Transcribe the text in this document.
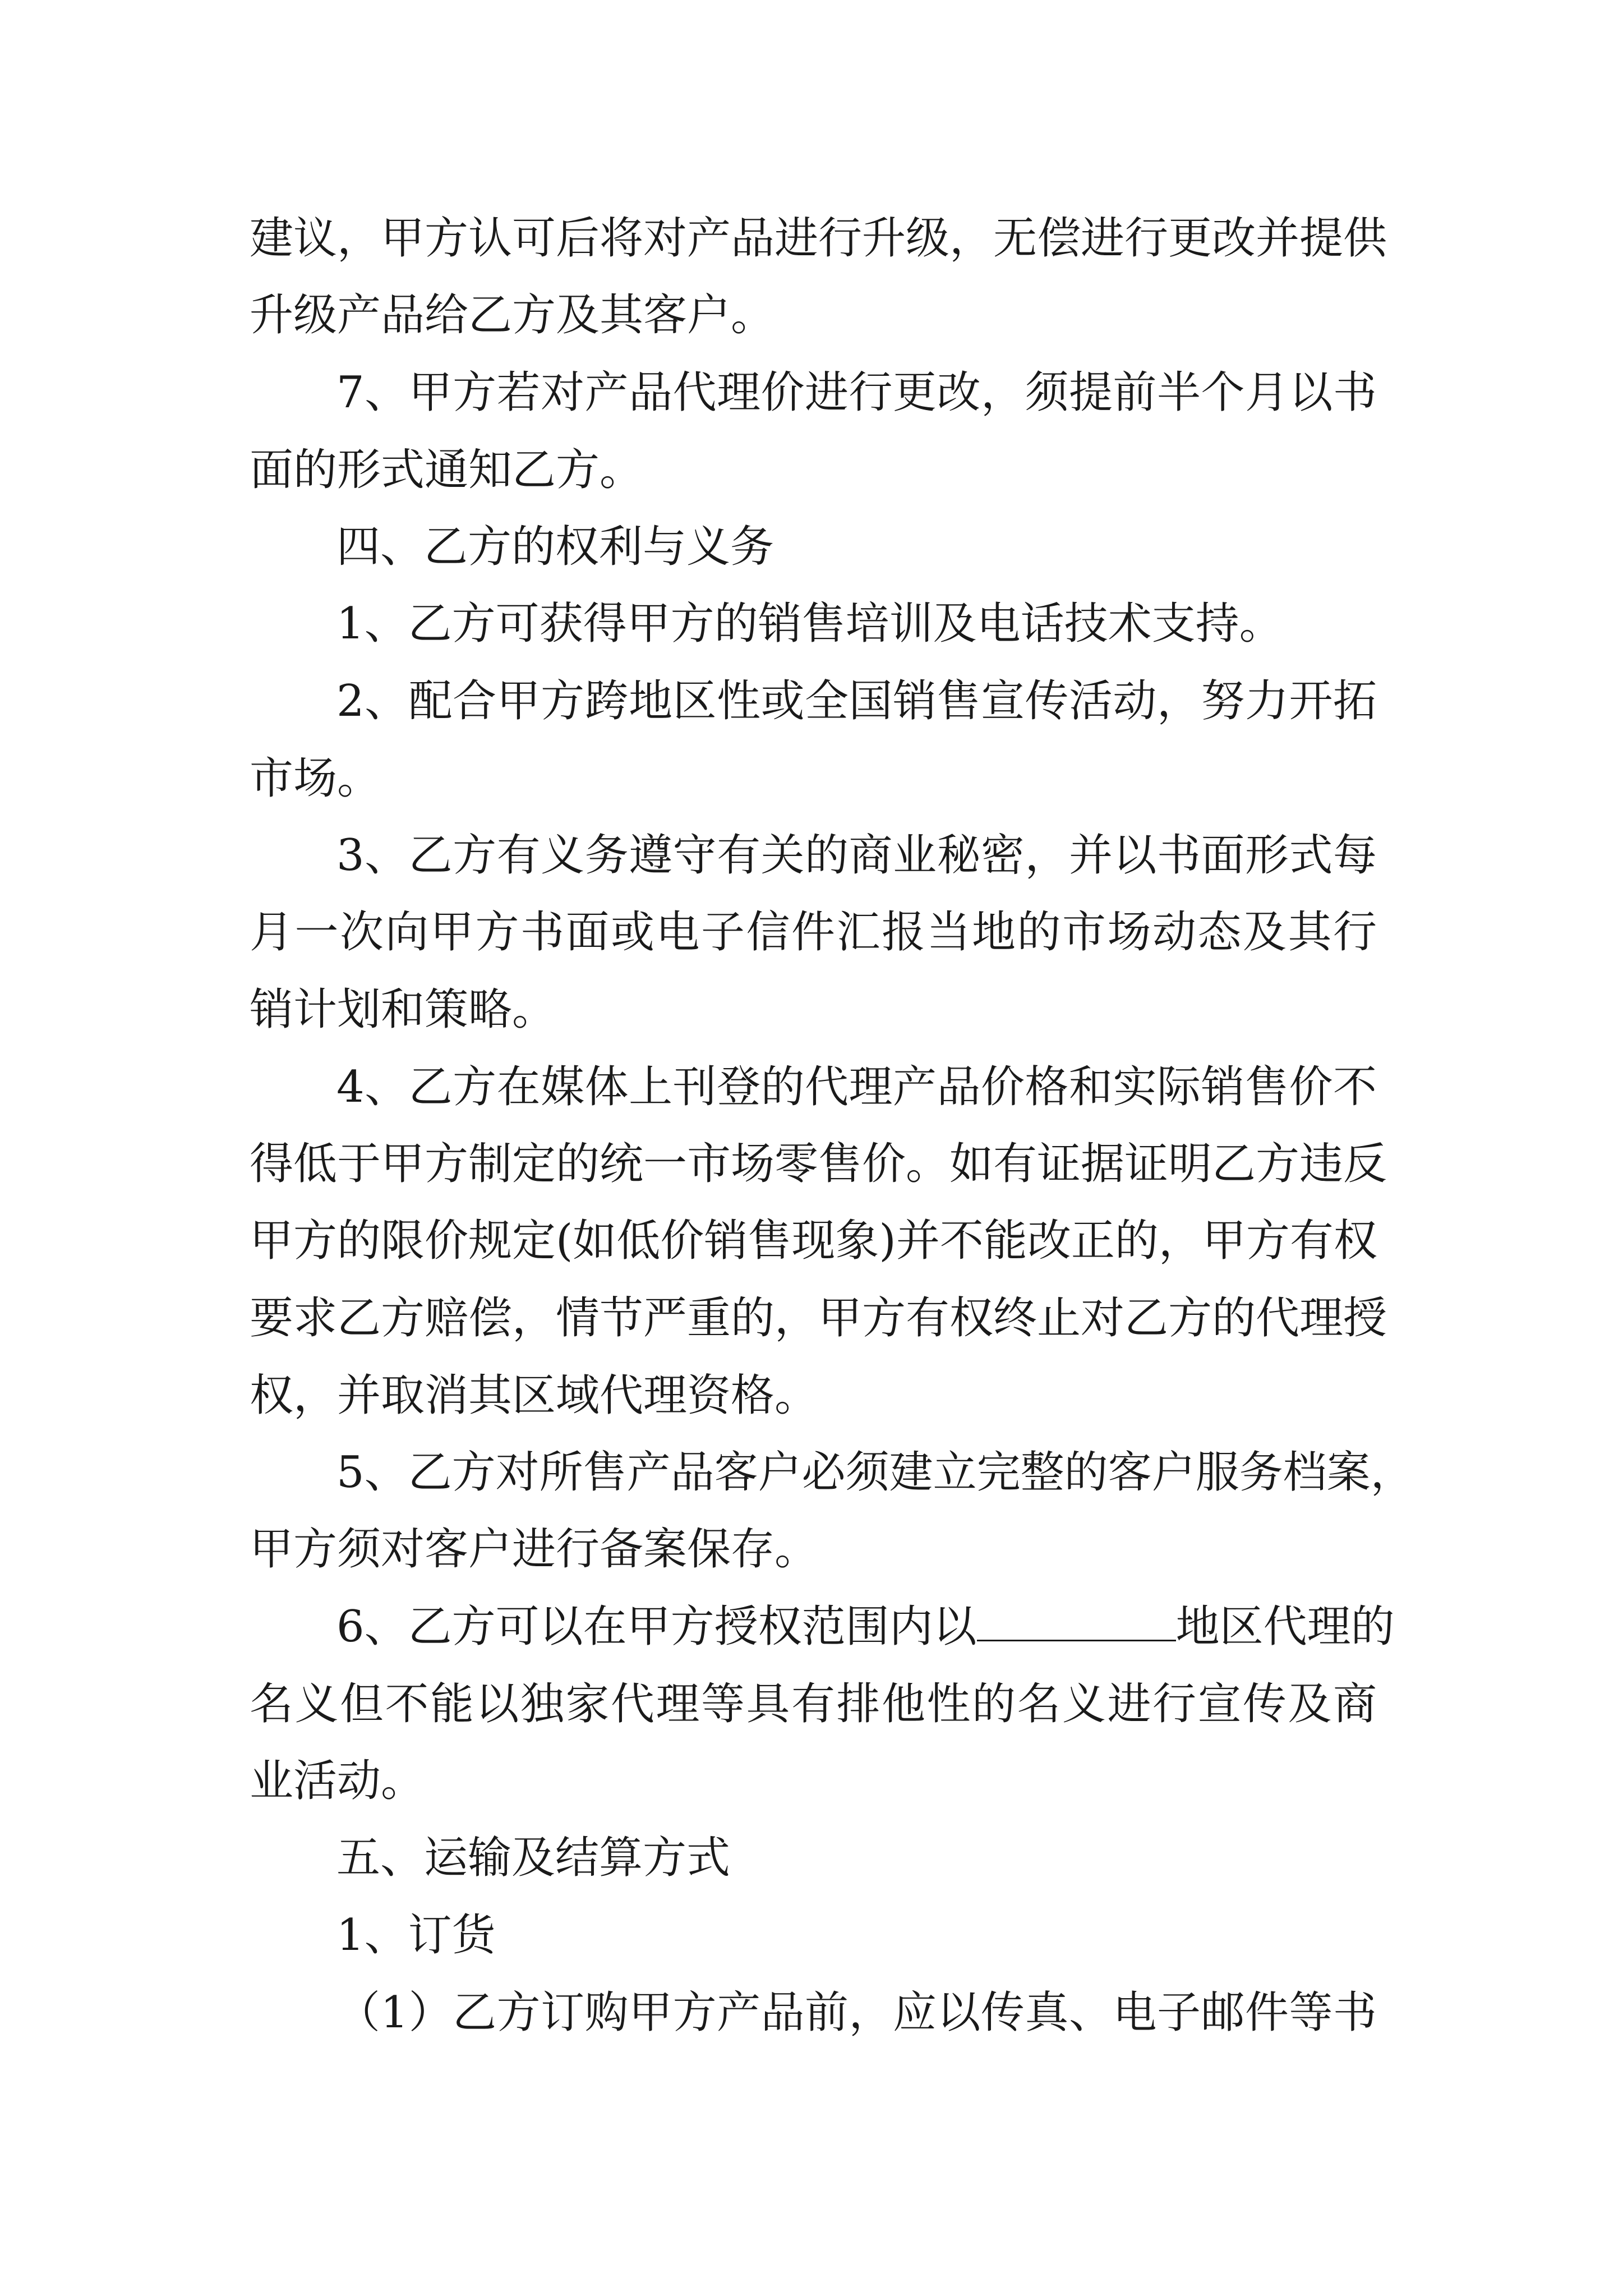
建议，甲方认可后将对产品进行升级，无偿进行更改并提供
升级产品给乙方及其客户。
7、甲方若对产品代理价进行更改，须提前半个月以书
面的形式通知乙方。
四、乙方的权利与义务
1、乙方可获得甲方的销售培训及电话技术支持。
2、配合甲方跨地区性或全国销售宣传活动，努力开拓
市场。
3、乙方有义务遵守有关的商业秘密，并以书面形式每
月一次向甲方书面或电子信件汇报当地的市场动态及其行
销计划和策略。
4、乙方在媒体上刊登的代理产品价格和实际销售价不
得低于甲方制定的统一市场零售价。如有证据证明乙方违反
甲方的限价规定(如低价销售现象)并不能改正的，甲方有权
要求乙方赔偿，情节严重的，甲方有权终止对乙方的代理授
权，并取消其区域代理资格。
5、乙方对所售产品客户必须建立完整的客户服务档案，
甲方须对客户进行备案保存。
6、乙方可以在甲方授权范围内以	地区代理的
名义但不能以独家代理等具有排他性的名义进行宣传及商
业活动。
五、运输及结算方式
1、订货
（1）乙方订购甲方产品前，应以传真、电子邮件等书
